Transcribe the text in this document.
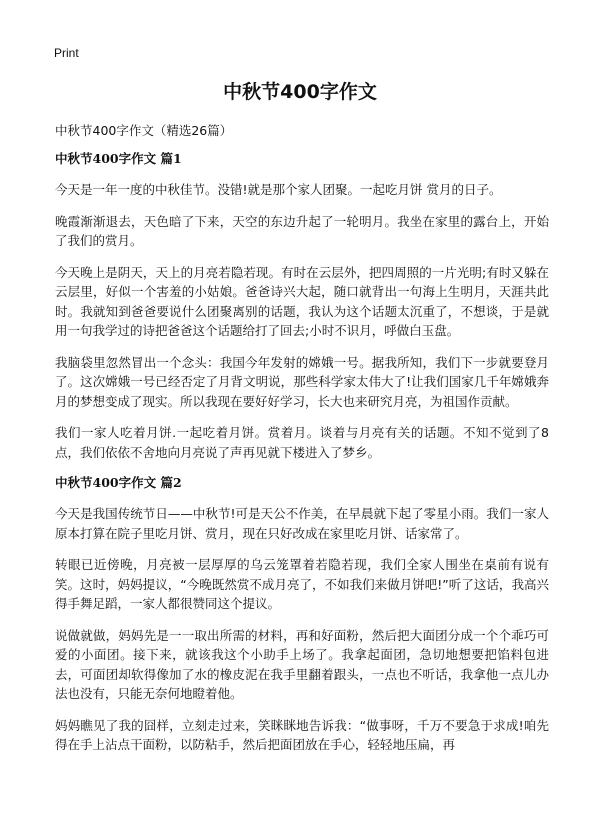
Print
中秋节400字作文

中秋节400字作文（精选26篇）

中秋节400字作文 篇1

今天是一年一度的中秋佳节。没错!就是那个家人团聚。一起吃月饼 赏月的日子。

晚霞渐渐退去，天色暗了下来，天空的东边升起了一轮明月。我坐在家里的露台上，开始了我们的赏月。

今天晚上是阴天，天上的月亮若隐若现。有时在云层外，把四周照的一片光明;有时又躲在云层里，好似一个害羞的小姑娘。爸爸诗兴大起，随口就背出一句海上生明月，天涯共此时。我就知到爸爸要说什么团聚离别的话题，我认为这个话题太沉重了，不想谈，于是就用一句我学过的诗把爸爸这个话题给打了回去;小时不识月，呼做白玉盘。

我脑袋里忽然冒出一个念头：我国今年发射的嫦娥一号。据我所知，我们下一步就要登月了。这次嫦娥一号已经否定了月背文明说，那些科学家太伟大了!让我们国家几千年嫦娥奔月的梦想变成了现实。所以我现在要好好学习，长大也来研究月亮，为祖国作贡献。

我们一家人吃着月饼.一起吃着月饼。赏着月。谈着与月亮有关的话题。不知不觉到了8点，我们依依不舍地向月亮说了声再见就下楼进入了梦乡。

中秋节400字作文 篇2

今天是我国传统节日——中秋节!可是天公不作美，在早晨就下起了零星小雨。我们一家人原本打算在院子里吃月饼、赏月，现在只好改成在家里吃月饼、话家常了。

转眼已近傍晚，月亮被一层厚厚的乌云笼罩着若隐若现，我们全家人围坐在桌前有说有笑。这时，妈妈提议，“今晚既然赏不成月亮了，不如我们来做月饼吧!”听了这话，我高兴得手舞足蹈，一家人都很赞同这个提议。

说做就做，妈妈先是一一取出所需的材料，再和好面粉，然后把大面团分成一个个乖巧可爱的小面团。接下来，就该我这个小助手上场了。我拿起面团，急切地想要把馅料包进去，可面团却软得像加了水的橡皮泥在我手里翻着跟头，一点也不听话，我拿他一点儿办法也没有，只能无奈何地瞪着他。

妈妈瞧见了我的囧样，立刻走过来，笑眯眯地告诉我：“做事呀，千万不要急于求成!咱先得在手上沾点干面粉，以防粘手，然后把面团放在手心，轻轻地压扁，再
